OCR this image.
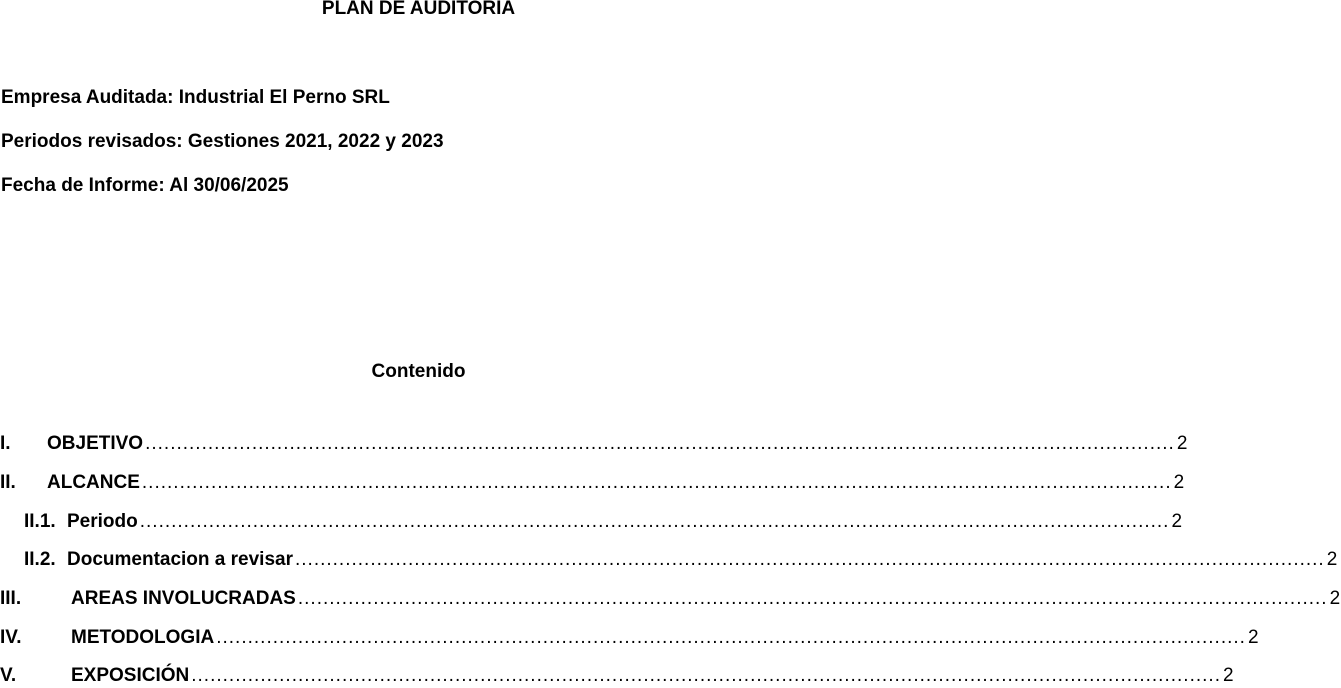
PLAN DE AUDITORIA
Empresa Auditada: Industrial El Perno SRL
Periodos revisados: Gestiones 2021, 2022 y 2023
Fecha de Informe: Al 30/06/2025
Contenido
I.	OBJETIVO .................................................................................................................................................................... 2
II.	ALCANCE .................................................................................................................................................................... 2
II.1. Periodo .................................................................................................................................................................... 2
II.2. Documentacion a revisar .................................................................................................................................................................... 2
III.	AREAS INVOLUCRADAS .................................................................................................................................................................... 2
IV.	METODOLOGIA .................................................................................................................................................................... 2
V.	EXPOSICIÓN .................................................................................................................................................................... 2
